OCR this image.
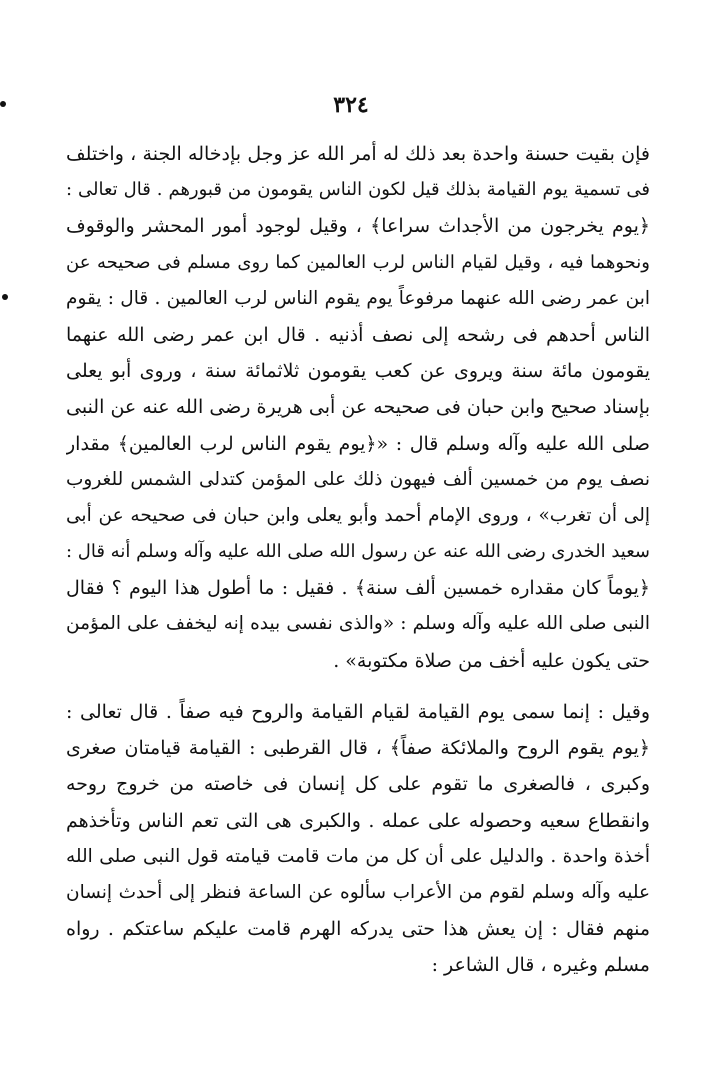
٣٢٤
فإن بقيت حسنة واحدة بعد ذلك له أمر الله عز وجل بإدخاله الجنة ، واختلف
فى تسمية يوم القيامة بذلك قيل لكون الناس يقومون من قبورهم . قال تعالى :
﴿يوم يخرجون من الأجداث سراعا﴾ ، وقيل لوجود أمور المحشر والوقوف
ونحوهما فيه ، وقيل لقيام الناس لرب العالمين كما روى مسلم فى صحيحه عن
ابن عمر رضى الله عنهما مرفوعاً يوم يقوم الناس لرب العالمين . قال : يقوم
الناس أحدهم فى رشحه إلى نصف أذنيه . قال ابن عمر رضى الله عنهما
يقومون مائة سنة ويروى عن كعب يقومون ثلاثمائة سنة ، وروى أبو يعلى
بإسناد صحيح وابن حبان فى صحيحه عن أبى هريرة رضى الله عنه عن النبى
صلى الله عليه وآله وسلم قال : «﴿يوم يقوم الناس لرب العالمين﴾ مقدار
نصف يوم من خمسين ألف فيهون ذلك على المؤمن كتدلى الشمس للغروب
إلى أن تغرب» ، وروى الإمام أحمد وأبو يعلى وابن حبان فى صحيحه عن أبى
سعيد الخدرى رضى الله عنه عن رسول الله صلى الله عليه وآله وسلم أنه قال :
﴿يوماً كان مقداره خمسين ألف سنة﴾ . فقيل : ما أطول هذا اليوم ؟ فقال
النبى صلى الله عليه وآله وسلم : «والذى نفسى بيده إنه ليخفف على المؤمن
حتى يكون عليه أخف من صلاة مكتوبة» .
وقيل : إنما سمى يوم القيامة لقيام القيامة والروح فيه صفاً . قال تعالى :
﴿يوم يقوم الروح والملائكة صفاً﴾ ، قال القرطبى : القيامة قيامتان صغرى
وكبرى ، فالصغرى ما تقوم على كل إنسان فى خاصته من خروج روحه
وانقطاع سعيه وحصوله على عمله . والكبرى هى التى تعم الناس وتأخذهم
أخذة واحدة . والدليل على أن كل من مات قامت قيامته قول النبى صلى الله
عليه وآله وسلم لقوم من الأعراب سألوه عن الساعة فنظر إلى أحدث إنسان
منهم فقال : إن يعش هذا حتى يدركه الهرم قامت عليكم ساعتكم . رواه
مسلم وغيره ، قال الشاعر :
